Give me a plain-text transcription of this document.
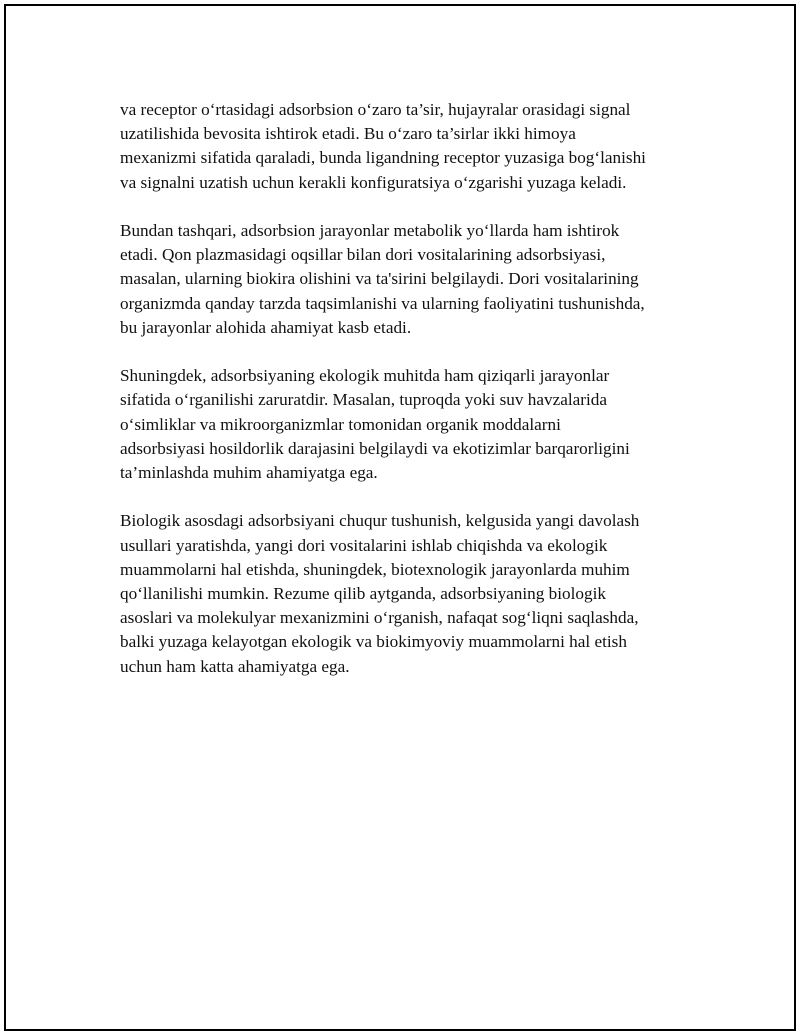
va receptor o‘rtasidagi adsorbsion o‘zaro ta’sir, hujayralar orasidagi signal
uzatilishida bevosita ishtirok etadi. Bu o‘zaro ta’sirlar ikki himoya
mexanizmi sifatida qaraladi, bunda ligandning receptor yuzasiga bog‘lanishi
va signalni uzatish uchun kerakli konfiguratsiya o‘zgarishi yuzaga keladi.

Bundan tashqari, adsorbsion jarayonlar metabolik yo‘llarda ham ishtirok
etadi. Qon plazmasidagi oqsillar bilan dori vositalarining adsorbsiyasi,
masalan, ularning biokira olishini va ta'sirini belgilaydi. Dori vositalarining
organizmda qanday tarzda taqsimlanishi va ularning faoliyatini tushunishda,
bu jarayonlar alohida ahamiyat kasb etadi.

Shuningdek, adsorbsiyaning ekologik muhitda ham qiziqarli jarayonlar
sifatida o‘rganilishi zaruratdir. Masalan, tuproqda yoki suv havzalarida
o‘simliklar va mikroorganizmlar tomonidan organik moddalarni
adsorbsiyasi hosildorlik darajasini belgilaydi va ekotizimlar barqarorligini
ta’minlashda muhim ahamiyatga ega.

Biologik asosdagi adsorbsiyani chuqur tushunish, kelgusida yangi davolash
usullari yaratishda, yangi dori vositalarini ishlab chiqishda va ekologik
muammolarni hal etishda, shuningdek, biotexnologik jarayonlarda muhim
qo‘llanilishi mumkin. Rezume qilib aytganda, adsorbsiyaning biologik
asoslari va molekulyar mexanizmini o‘rganish, nafaqat sog‘liqni saqlashda,
balki yuzaga kelayotgan ekologik va biokimyoviy muammolarni hal etish
uchun ham katta ahamiyatga ega.
